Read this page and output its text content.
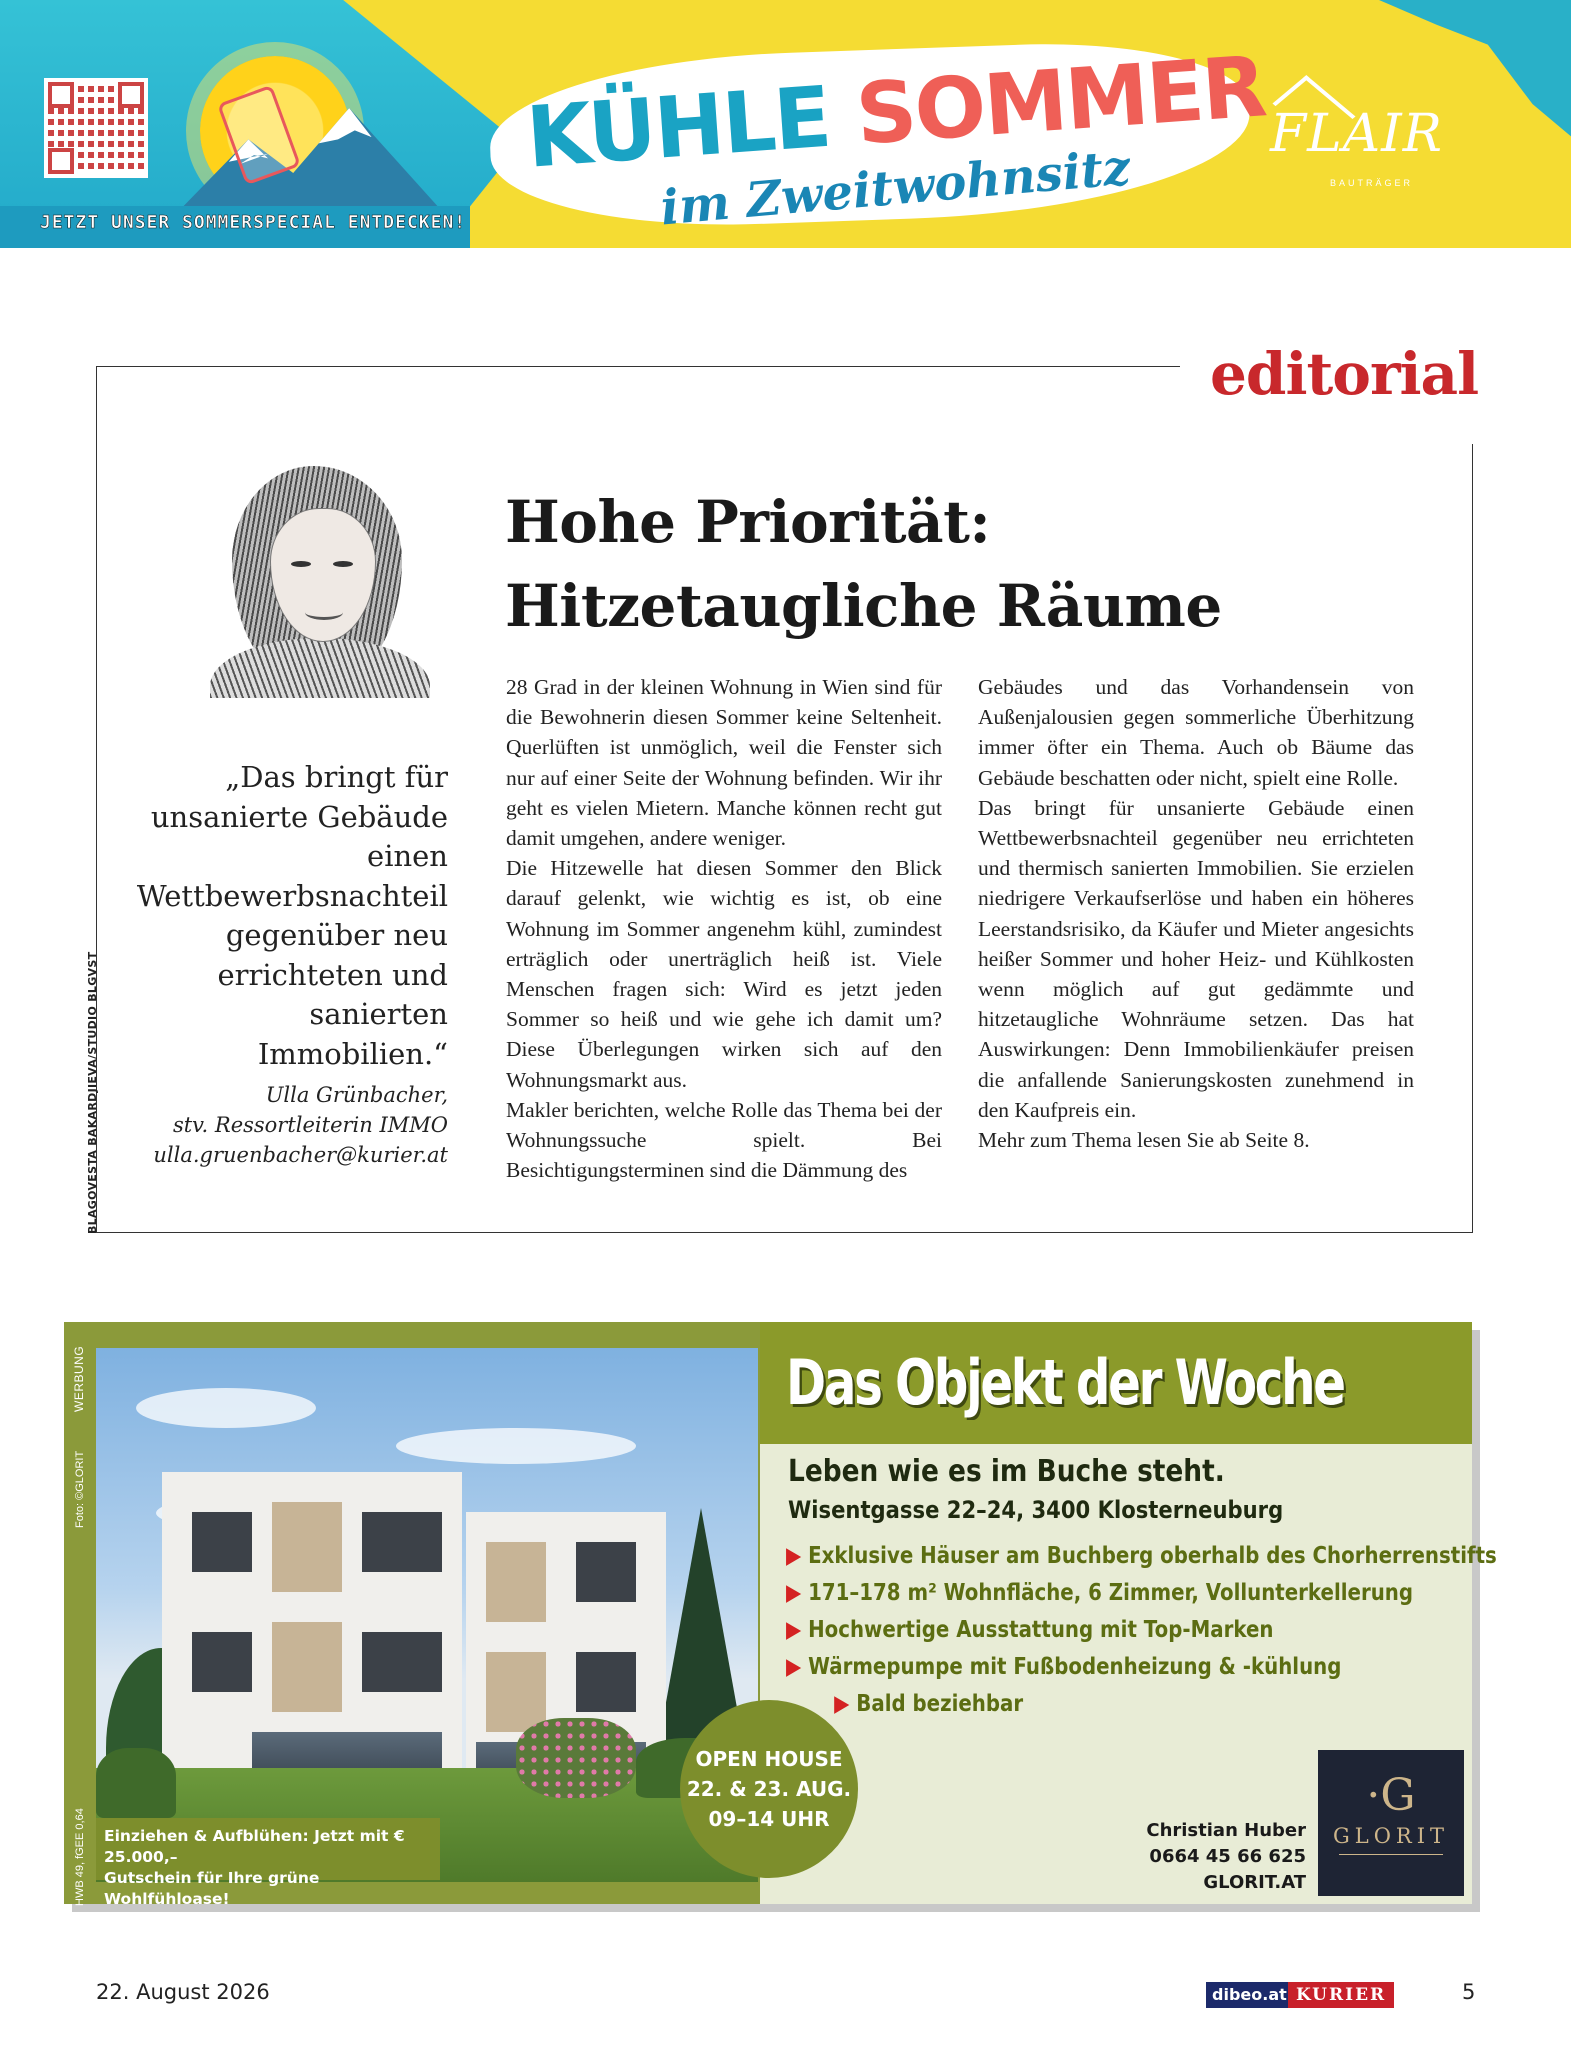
JETZT UNSER SOMMERSPECIAL ENTDECKEN!
KÜHLE SOMMER
im Zweitwohnsitz
FLAIR
BAUTRÄGER
editorial
BLAGOVESTA BAKARDJIEVA/STUDIO BLGVST
Hohe Priorität:
Hitzetaugliche Räume
„Das bringt für
unsanierte Gebäude
einen
Wettbewerbsnachteil
gegenüber neu
errichteten und
sanierten
Immobilien.“
Ulla Grünbacher,
stv. Ressortleiterin IMMO
ulla.gruenbacher@kurier.at

28 Grad in der kleinen Wohnung in Wien sind für die Bewohnerin diesen Sommer keine Seltenheit. Querlüften ist unmöglich, weil die Fenster sich nur auf einer Seite der Wohnung befinden. Wir ihr geht es vielen Mietern. Manche können recht gut damit umgehen, andere weniger.

Die Hitzewelle hat diesen Sommer den Blick darauf gelenkt, wie wichtig es ist, ob eine Wohnung im Sommer angenehm kühl, zumindest erträglich oder unerträglich heiß ist. Viele Menschen fragen sich: Wird es jetzt jeden Sommer so heiß und wie gehe ich damit um? Diese Überlegungen wirken sich auf den Wohnungsmarkt aus.

Makler berichten, welche Rolle das Thema bei der Wohnungssuche spielt. Bei Besichtigungsterminen sind die Dämmung des

Gebäudes und das Vorhandensein von Außenjalousien gegen sommerliche Überhitzung immer öfter ein Thema. Auch ob Bäume das Gebäude beschatten oder nicht, spielt eine Rolle.

Das bringt für unsanierte Gebäude einen Wettbewerbsnachteil gegenüber neu errichteten und thermisch sanierten Immobilien. Sie erzielen niedrigere Verkaufserlöse und haben ein höheres Leerstandsrisiko, da Käufer und Mieter angesichts heißer Sommer und hoher Heiz- und Kühlkosten wenn möglich auf gut gedämmte und hitzetaugliche Wohnräume setzen. Das hat Auswirkungen: Denn Immobilienkäufer preisen die anfallende Sanierungskosten zunehmend in den Kaufpreis ein.

Mehr zum Thema lesen Sie ab Seite 8.

WERBUNG
Foto: ©GLORIT
HWB 49, fGEE 0,64 Einziehen & Aufblühen: Jetzt mit € 25.000,–
Gutschein für Ihre grüne Wohlfühloase!
OPEN HOUSE
22. & 23. AUG.
09–14 UHR
Das Objekt der Woche
Leben wie es im Buche steht.
Wisentgasse 22–24, 3400 Klosterneuburg
▶ Exklusive Häuser am Buchberg oberhalb des Chorherrenstifts
▶ 171–178 m² Wohnfläche, 6 Zimmer, Vollunterkellerung
▶ Hochwertige Ausstattung mit Top-Marken
▶ Wärmepumpe mit Fußbodenheizung & -kühlung
▶ Bald beziehbar
Christian Huber
0664 45 66 625
GLORIT.AT
·G
GLORIT
22. August 2026	dibeo.at KURIER	5
